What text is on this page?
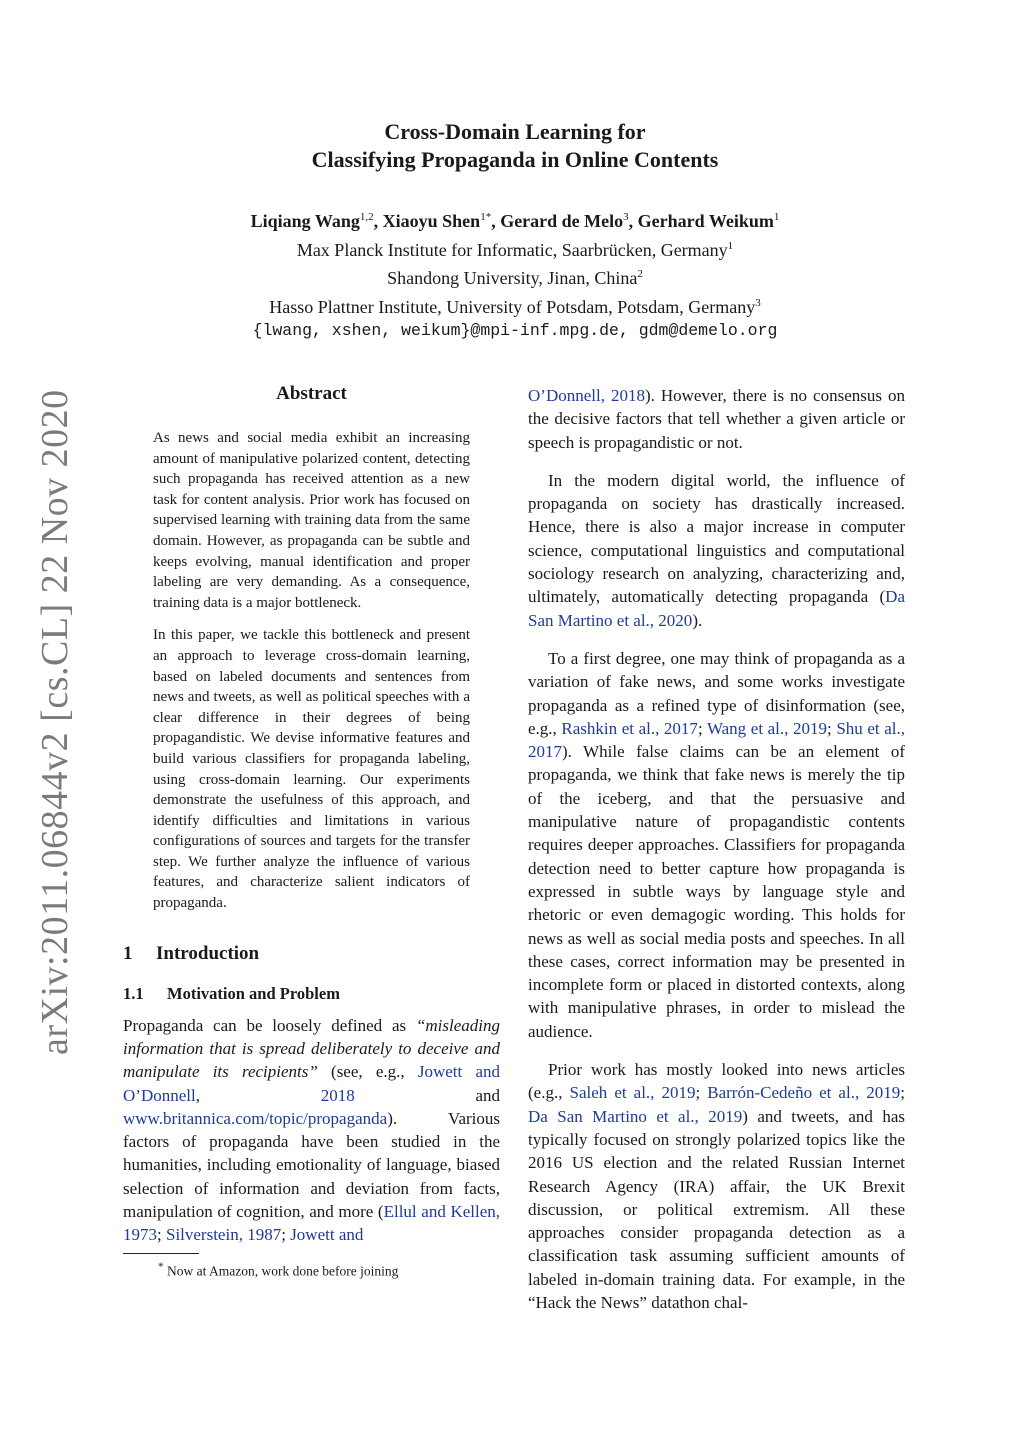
arXiv:2011.06844v2 [cs.CL] 22 Nov 2020
Cross-Domain Learning for
Classifying Propaganda in Online Contents
Liqiang Wang$^{1,2}$, Xiaoyu Shen$^{1*}$, Gerard de Melo$^3$, Gerhard Weikum$^1$
Max Planck Institute for Informatic, Saarbrücken, Germany$^1$
Shandong University, Jinan, China$^2$
Hasso Plattner Institute, University of Potsdam, Potsdam, Germany$^3$
{lwang, xshen, weikum}@mpi-inf.mpg.de, gdm@demelo.org
Abstract

As news and social media exhibit an increasing amount of manipulative polarized content, detecting such propaganda has received attention as a new task for content analysis. Prior work has focused on supervised learning with training data from the same domain. However, as propaganda can be subtle and keeps evolving, manual identification and proper labeling are very demanding. As a consequence, training data is a major bottleneck.

In this paper, we tackle this bottleneck and present an approach to leverage cross-domain learning, based on labeled documents and sentences from news and tweets, as well as political speeches with a clear difference in their degrees of being propagandistic. We devise informative features and build various classifiers for propaganda labeling, using cross-domain learning. Our experiments demonstrate the usefulness of this approach, and identify difficulties and limitations in various configurations of sources and targets for the transfer step. We further analyze the influence of various features, and characterize salient indicators of propaganda.

1 Introduction
1.1 Motivation and Problem

Propaganda can be loosely defined as “misleading information that is spread deliberately to deceive and manipulate its recipients” (see, e.g., Jowett and O’Donnell, 2018 and www.britannica.com/topic/propaganda). Various factors of propaganda have been studied in the humanities, including emotionality of language, biased selection of information and deviation from facts, manipulation of cognition, and more (Ellul and Kellen, 1973; Silverstein, 1987; Jowett and

* Now at Amazon, work done before joining

O’Donnell, 2018). However, there is no consensus on the decisive factors that tell whether a given article or speech is propagandistic or not.

In the modern digital world, the influence of propaganda on society has drastically increased. Hence, there is also a major increase in computer science, computational linguistics and computational sociology research on analyzing, characterizing and, ultimately, automatically detecting propaganda (Da San Martino et al., 2020).

To a first degree, one may think of propaganda as a variation of fake news, and some works investigate propaganda as a refined type of disinformation (see, e.g., Rashkin et al., 2017; Wang et al., 2019; Shu et al., 2017). While false claims can be an element of propaganda, we think that fake news is merely the tip of the iceberg, and that the persuasive and manipulative nature of propagandistic contents requires deeper approaches. Classifiers for propaganda detection need to better capture how propaganda is expressed in subtle ways by language style and rhetoric or even demagogic wording. This holds for news as well as social media posts and speeches. In all these cases, correct information may be presented in incomplete form or placed in distorted contexts, along with manipulative phrases, in order to mislead the audience.

Prior work has mostly looked into news articles (e.g., Saleh et al., 2019; Barrón-Cedeño et al., 2019; Da San Martino et al., 2019) and tweets, and has typically focused on strongly polarized topics like the 2016 US election and the related Russian Internet Research Agency (IRA) affair, the UK Brexit discussion, or political extremism. All these approaches consider propaganda detection as a classification task assuming sufficient amounts of labeled in-domain training data. For example, in the “Hack the News” datathon chal-
